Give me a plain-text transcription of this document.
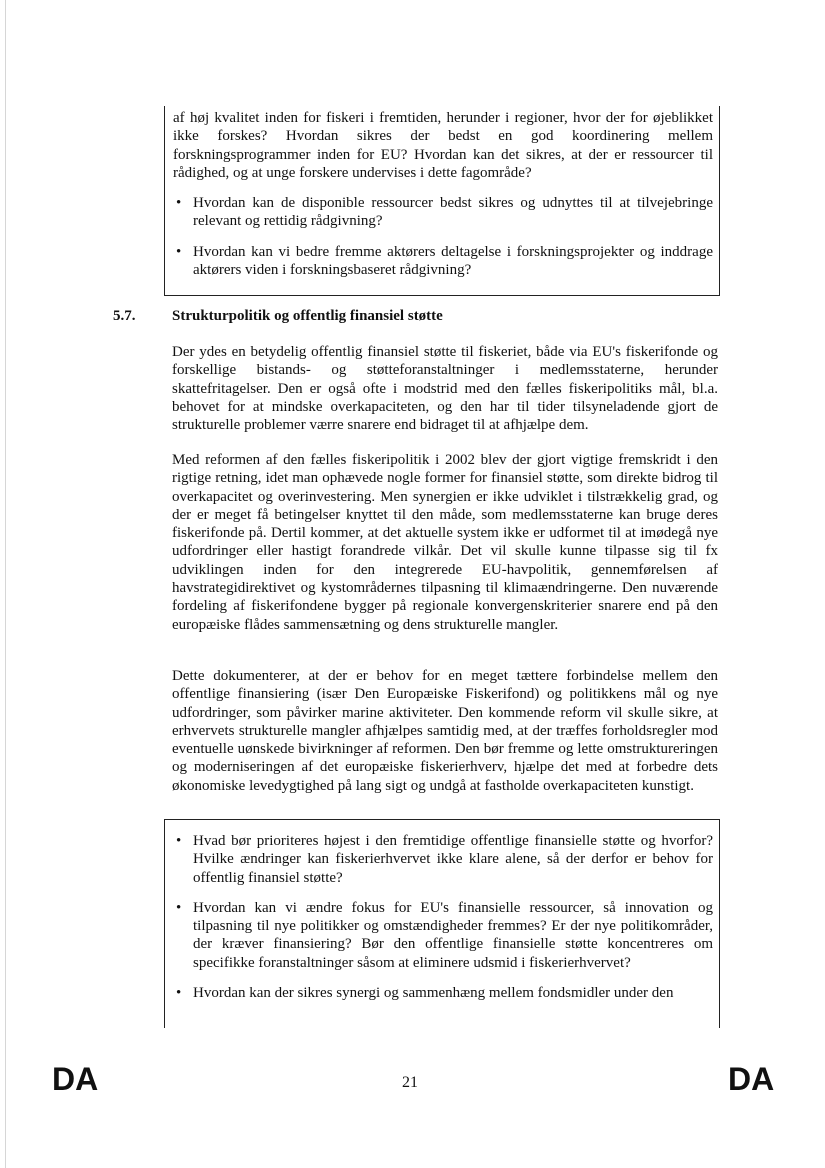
af høj kvalitet inden for fiskeri i fremtiden, herunder i regioner, hvor der for øjeblikket ikke forskes? Hvordan sikres der bedst en god koordinering mellem forskningsprogrammer inden for EU? Hvordan kan det sikres, at der er ressourcer til rådighed, og at unge forskere undervises i dette fagområde?

• Hvordan kan de disponible ressourcer bedst sikres og udnyttes til at tilvejebringe relevant og rettidig rådgivning?
• Hvordan kan vi bedre fremme aktørers deltagelse i forskningsprojekter og inddrage aktørers viden i forskningsbaseret rådgivning?

5.7. Strukturpolitik og offentlig finansiel støtte

Der ydes en betydelig offentlig finansiel støtte til fiskeriet, både via EU's fiskerifonde og forskellige bistands- og støtteforanstaltninger i medlemsstaterne, herunder skattefritagelser. Den er også ofte i modstrid med den fælles fiskeripolitiks mål, bl.a. behovet for at mindske overkapaciteten, og den har til tider tilsyneladende gjort de strukturelle problemer værre snarere end bidraget til at afhjælpe dem.

Med reformen af den fælles fiskeripolitik i 2002 blev der gjort vigtige fremskridt i den rigtige retning, idet man ophævede nogle former for finansiel støtte, som direkte bidrog til overkapacitet og overinvestering. Men synergien er ikke udviklet i tilstrækkelig grad, og der er meget få betingelser knyttet til den måde, som medlemsstaterne kan bruge deres fiskerifonde på. Dertil kommer, at det aktuelle system ikke er udformet til at imødegå nye udfordringer eller hastigt forandrede vilkår. Det vil skulle kunne tilpasse sig til fx udviklingen inden for den integrerede EU-havpolitik, gennemførelsen af havstrategidirektivet og kystområdernes tilpasning til klimaændringerne. Den nuværende fordeling af fiskerifondene bygger på regionale konvergenskriterier snarere end på den europæiske flådes sammensætning og dens strukturelle mangler.

Dette dokumenterer, at der er behov for en meget tættere forbindelse mellem den offentlige finansiering (især Den Europæiske Fiskerifond) og politikkens mål og nye udfordringer, som påvirker marine aktiviteter. Den kommende reform vil skulle sikre, at erhvervets strukturelle mangler afhjælpes samtidig med, at der træffes forholdsregler mod eventuelle uønskede bivirkninger af reformen. Den bør fremme og lette omstruktureringen og moderniseringen af det europæiske fiskerierhverv, hjælpe det med at forbedre dets økonomiske levedygtighed på lang sigt og undgå at fastholde overkapaciteten kunstigt.

• Hvad bør prioriteres højest i den fremtidige offentlige finansielle støtte og hvorfor? Hvilke ændringer kan fiskerierhvervet ikke klare alene, så der derfor er behov for offentlig finansiel støtte?
• Hvordan kan vi ændre fokus for EU's finansielle ressourcer, så innovation og tilpasning til nye politikker og omstændigheder fremmes? Er der nye politikområder, der kræver finansiering? Bør den offentlige finansielle støtte koncentreres om specifikke foranstaltninger såsom at eliminere udsmid i fiskerierhvervet?
• Hvordan kan der sikres synergi og sammenhæng mellem fondsmidler under den

DA	21	DA
